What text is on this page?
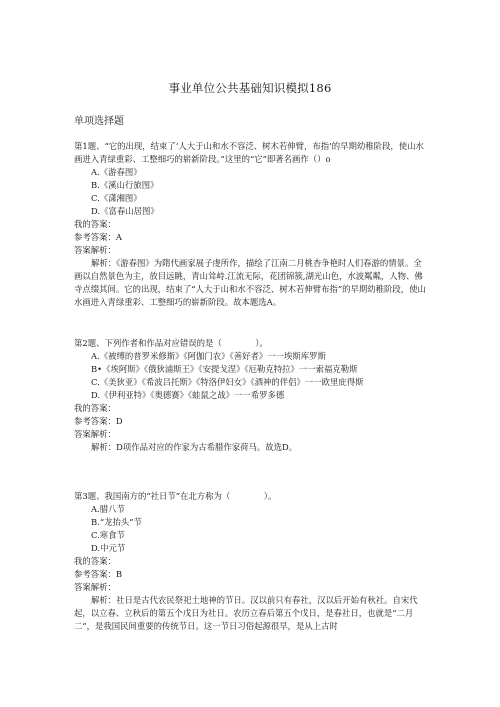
事业单位公共基础知识模拟186
单项选择题
第1题、“它的出现，结束了‘人大于山和水不容泛、树木若伸臂，布指’的早期幼稚阶段，使山水画进入青绿重彩、工整细巧的崭新阶段。”这里的“它”即著名画作（）o
A.《游春图》
B.《溪山行旅图》
C.《潇湘图》
D.《富春山居图》
我的答案：
参考答案：A
答案解析：
解析：《游春图》为隋代画家展子虔所作，描绘了江南二月桃杏争艳时人们春游的情景。全画以自然景色为主，放目远眺，青山耸峙.江流无际，花团锦簇,湖光山色，水波粼粼，人物、佛寺点缀其间。它的出现，结束了“人大于山和水不容泛、树木若伸臂布指”的早期幼稚阶段，使山水画进入青绿重彩、工整细巧的崭新阶段。故本题选A。
第2题、下列作者和作品对应错误的是（　　　　）。
A.《被缚的普罗米修斯》《阿伽门农》《善好者》一一埃斯库罗斯
B•《埃阿斯》《俄狄浦斯王》《安提戈涅》《厄勒克特拉》一一索福克勒斯
C.《美狄亚》《希波吕托斯》《特洛伊妇女》《酒神的伴侣》一一欧里庇得斯
D.《伊利亚特》《奥德赛》《蛙鼠之战》一一希罗多德
我的答案：
参考答案：D
答案解析：
解析：D项作品对应的作家为古希腊作家荷马。故选D。
第3题、我国南方的“社日节”在北方称为（　　　　）。
A.腊八节
B.“龙抬头”节
C.寒食节
D.中元节
我的答案：
参考答案：B
答案解析：
解析：社日是古代农民祭祀土地神的节日。汉以前只有春社，汉以后开始有秋社。自宋代起，以立春、立秋后的第五个戊日为社日。农历立春后第五个戊日，是春社日，也就是“二月二”，是我国民间重要的传统节日。这一节日习俗起源很早，是从上古时
